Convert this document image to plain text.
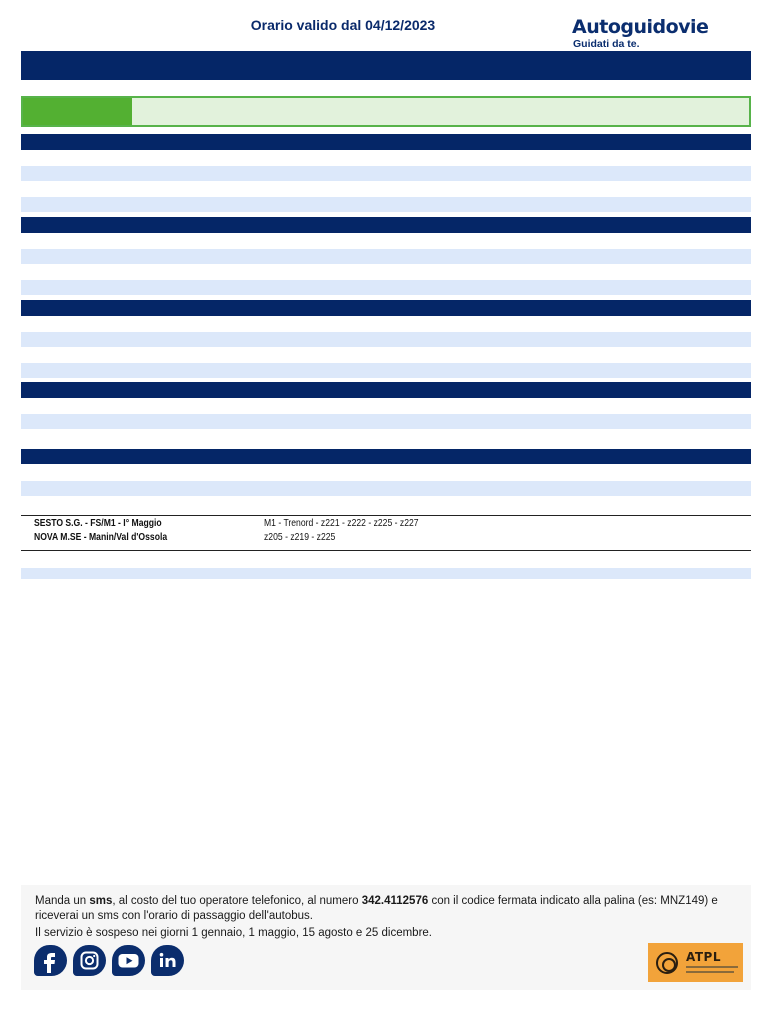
Orario valido dal 04/12/2023	Autoguidovie
Guidati da te.
SESTO S.G. - FS/M1 - I° Maggio	M1 - Trenord - z221 - z222 - z225 - z227
NOVA M.SE - Manin/Val d'Ossola	z205 - z219 - z225
Manda un sms, al costo del tuo operatore telefonico, al numero 342.4112576 con il codice fermata indicato alla palina (es: MNZ149) e riceverai un sms con l'orario di passaggio dell'autobus.
Il servizio è sospeso nei giorni 1 gennaio, 1 maggio, 15 agosto e 25 dicembre.
ATPL
